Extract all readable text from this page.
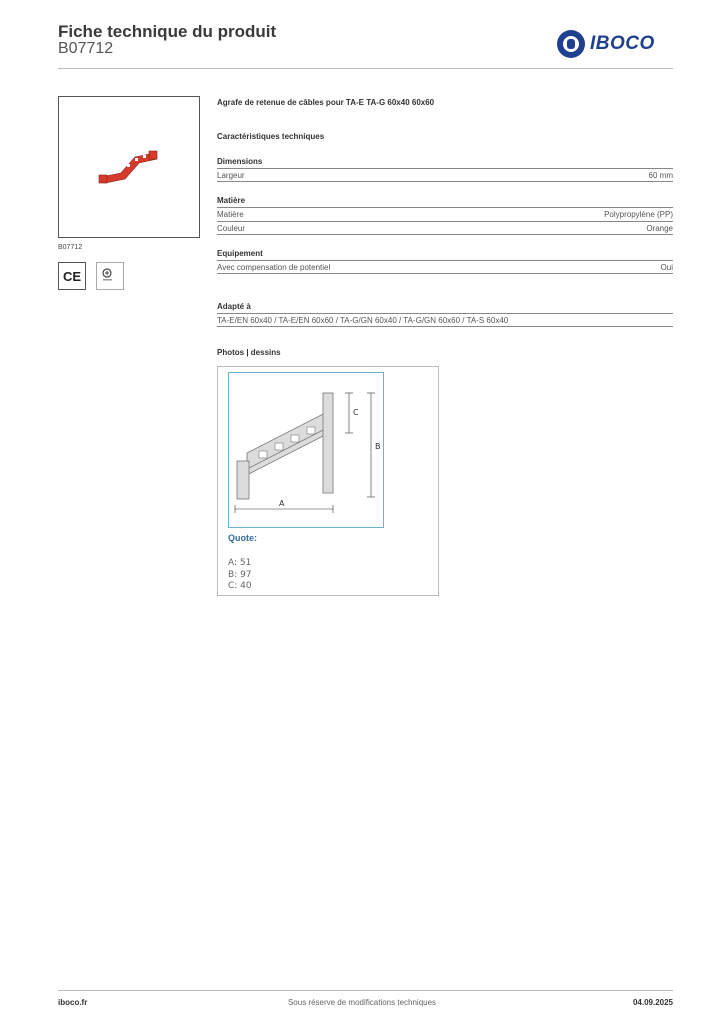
Fiche technique du produit
B07712	IBOCO
B07712
CE
Agrafe de retenue de câbles pour TA-E TA-G 60x40 60x60
Caractéristiques techniques
Dimensions
Largeur	60 mm
Matière
Matière	Polypropylène (PP)
Couleur	Orange
Equipement
Avec compensation de potentiel	Oui
Adapté à
TA-E/EN 60x40 / TA-E/EN 60x60 / TA-G/GN 60x40 / TA-G/GN 60x60 / TA-S 60x40
Photos | dessins
A
B
C
Quote:
A: 51
B: 97
C: 40
iboco.fr	Sous réserve de modifications techniques	04.09.2025
